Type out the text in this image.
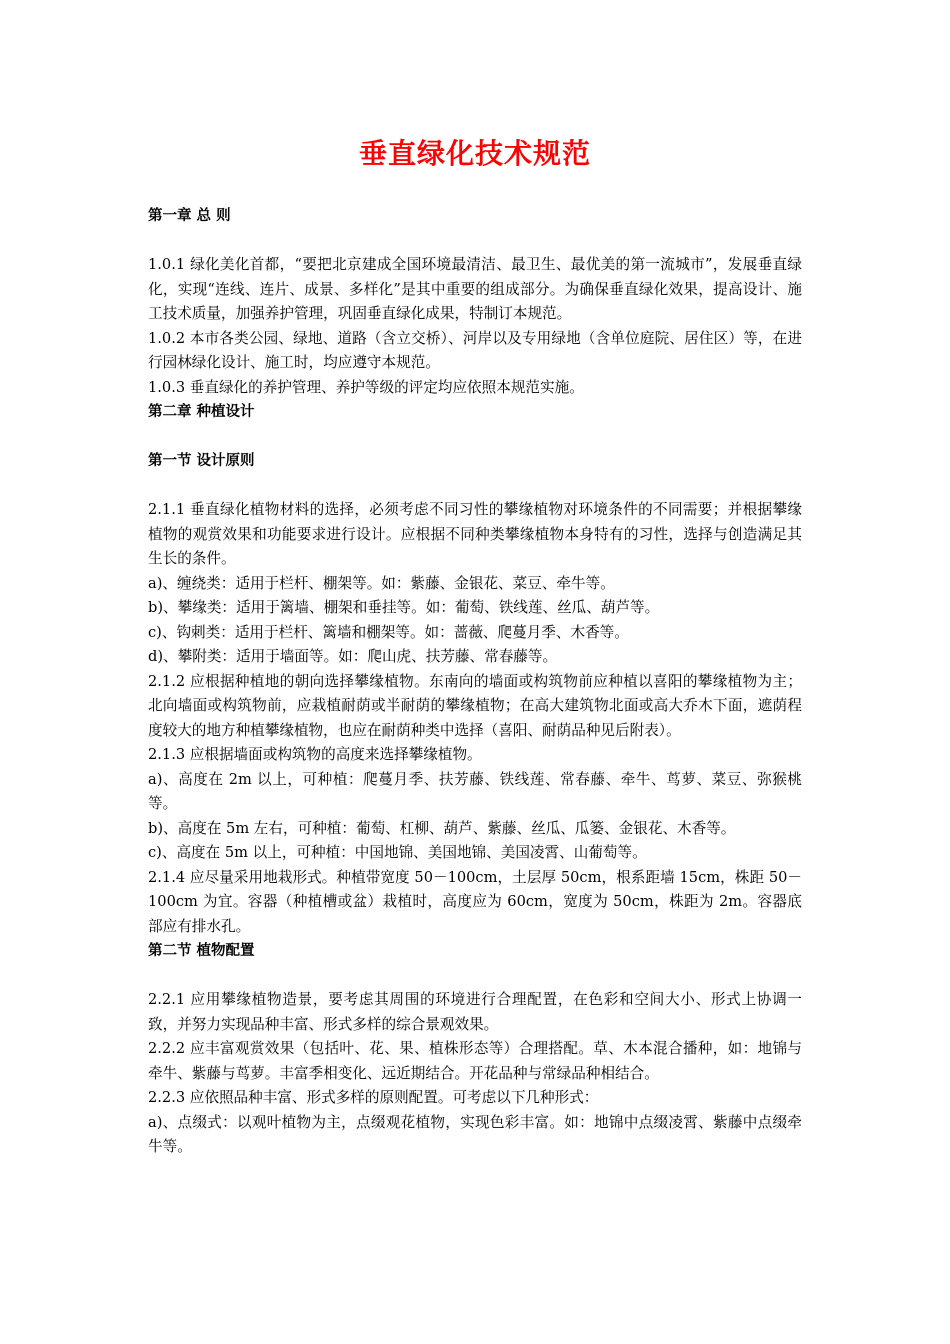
垂直绿化技术规范

第一章 总 则

1.0.1 绿化美化首都，“要把北京建成全国环境最清洁、最卫生、最优美的第一流城市”，发展垂直绿化，实现“连线、连片、成景、多样化”是其中重要的组成部分。为确保垂直绿化效果，提高设计、施工技术质量，加强养护管理，巩固垂直绿化成果，特制订本规范。

1.0.2 本市各类公园、绿地、道路（含立交桥）、河岸以及专用绿地（含单位庭院、居住区）等，在进行园林绿化设计、施工时，均应遵守本规范。

1.0.3 垂直绿化的养护管理、养护等级的评定均应依照本规范实施。

第二章 种植设计

第一节 设计原则

2.1.1 垂直绿化植物材料的选择，必须考虑不同习性的攀缘植物对环境条件的不同需要；并根据攀缘植物的观赏效果和功能要求进行设计。应根据不同种类攀缘植物本身特有的习性，选择与创造满足其生长的条件。

a)、缠绕类：适用于栏杆、棚架等。如：紫藤、金银花、菜豆、牵牛等。

b)、攀缘类：适用于篱墙、棚架和垂挂等。如：葡萄、铁线莲、丝瓜、葫芦等。

c)、钩刺类：适用于栏杆、篱墙和棚架等。如：蔷薇、爬蔓月季、木香等。

d)、攀附类：适用于墙面等。如：爬山虎、扶芳藤、常春藤等。

2.1.2 应根据种植地的朝向选择攀缘植物。东南向的墙面或构筑物前应种植以喜阳的攀缘植物为主；北向墙面或构筑物前，应栽植耐荫或半耐荫的攀缘植物；在高大建筑物北面或高大乔木下面，遮荫程度较大的地方种植攀缘植物，也应在耐荫种类中选择（喜阳、耐荫品种见后附表）。

2.1.3 应根据墙面或构筑物的高度来选择攀缘植物。

a)、高度在 2m 以上，可种植：爬蔓月季、扶芳藤、铁线莲、常春藤、牵牛、茑萝、菜豆、弥猴桃等。

b)、高度在 5m 左右，可种植：葡萄、杠柳、葫芦、紫藤、丝瓜、瓜篓、金银花、木香等。

c)、高度在 5m 以上，可种植：中国地锦、美国地锦、美国凌霄、山葡萄等。

2.1.4 应尽量采用地栽形式。种植带宽度 50－100cm，土层厚 50cm，根系距墙 15cm，株距 50－100cm 为宜。容器（种植槽或盆）栽植时，高度应为 60cm，宽度为 50cm，株距为 2m。容器底部应有排水孔。

第二节 植物配置

2.2.1 应用攀缘植物造景，要考虑其周围的环境进行合理配置，在色彩和空间大小、形式上协调一致，并努力实现品种丰富、形式多样的综合景观效果。

2.2.2 应丰富观赏效果（包括叶、花、果、植株形态等）合理搭配。草、木本混合播种，如：地锦与牵牛、紫藤与茑萝。丰富季相变化、远近期结合。开花品种与常绿品种相结合。

2.2.3 应依照品种丰富、形式多样的原则配置。可考虑以下几种形式：

a)、点缀式：以观叶植物为主，点缀观花植物，实现色彩丰富。如：地锦中点缀凌霄、紫藤中点缀牵牛等。
